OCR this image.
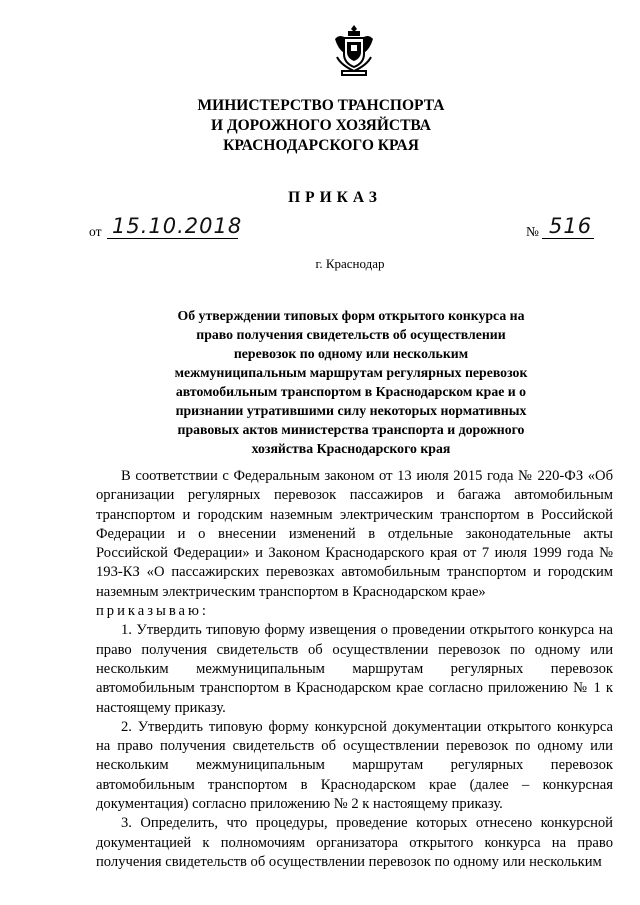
МИНИСТЕРСТВО ТРАНСПОРТА
И ДОРОЖНОГО ХОЗЯЙСТВА
КРАСНОДАРСКОГО КРАЯ
ПРИКАЗ
от 15.10.2018	№ 516
г. Краснодар
Об утверждении типовых форм открытого конкурса на
право получения свидетельств об осуществлении
перевозок по одному или нескольким
межмуниципальным маршрутам регулярных перевозок
автомобильным транспортом в Краснодарском крае и о
признании утратившими силу некоторых нормативных
правовых актов министерства транспорта и дорожного
хозяйства Краснодарского края

В соответствии с Федеральным законом от 13 июля 2015 года № 220-ФЗ «Об организации регулярных перевозок пассажиров и багажа автомобильным транспортом и городским наземным электрическим транспортом в Российской Федерации и о внесении изменений в отдельные законодательные акты Российской Федерации» и Законом Краснодарского края от 7 июля 1999 года № 193-КЗ «О пассажирских перевозках автомобильным транспортом и городским наземным электрическим транспортом в Краснодарском крае»

приказываю:

1. Утвердить типовую форму извещения о проведении открытого конкурса на право получения свидетельств об осуществлении перевозок по одному или нескольким межмуниципальным маршрутам регулярных перевозок автомобильным транспортом в Краснодарском крае согласно приложению № 1 к настоящему приказу.

2. Утвердить типовую форму конкурсной документации открытого конкурса на право получения свидетельств об осуществлении перевозок по одному или нескольким межмуниципальным маршрутам регулярных перевозок автомобильным транспортом в Краснодарском крае (далее – конкурсная документация) согласно приложению № 2 к настоящему приказу.

3. Определить, что процедуры, проведение которых отнесено конкурсной документацией к полномочиям организатора открытого конкурса на право получения свидетельств об осуществлении перевозок по одному или нескольким
